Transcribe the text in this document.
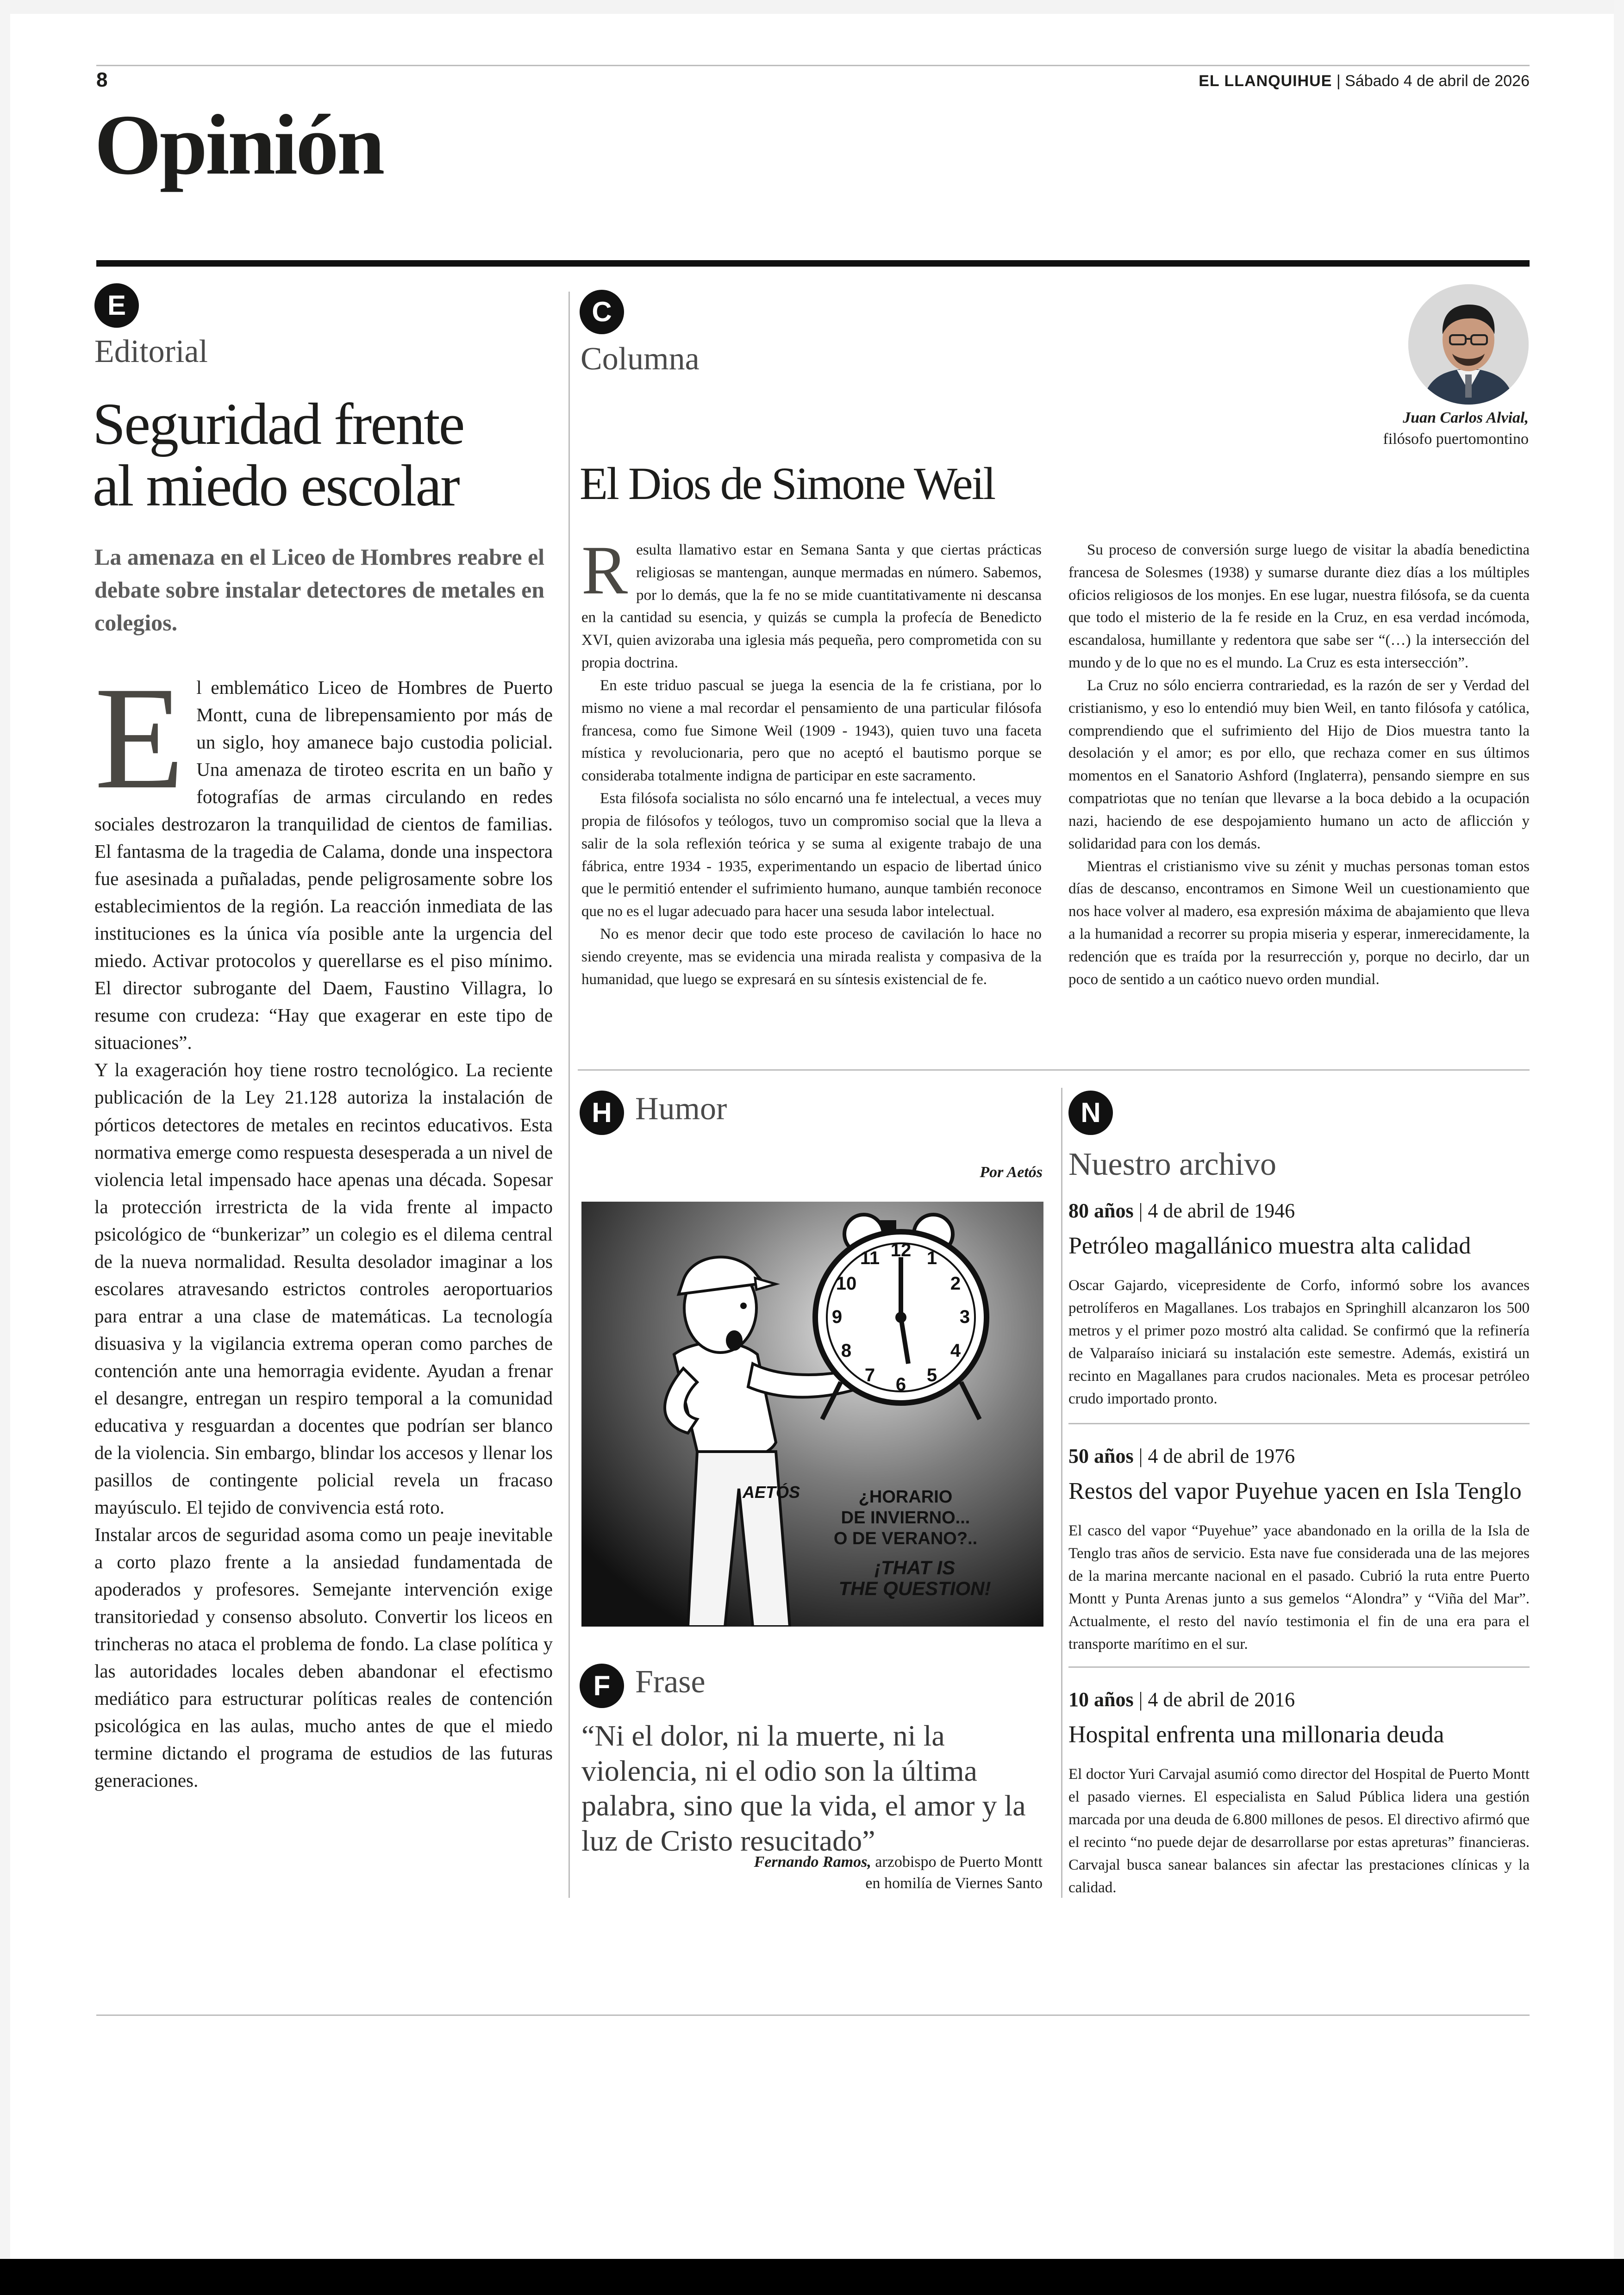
8	EL LLANQUIHUE | Sábado 4 de abril de 2026
Opinión
E
Editorial
Seguridad frente
al miedo escolar
La amenaza en el Liceo de Hombres reabre el debate sobre instalar detectores de metales en colegios.

El emblemático Liceo de Hombres de Puerto Montt, cuna de librepensamiento por más de un siglo, hoy amanece bajo custodia policial. Una amenaza de tiroteo escrita en un baño y fotografías de armas circulando en redes sociales destrozaron la tranquilidad de cientos de familias. El fantasma de la tragedia de Calama, donde una inspectora fue asesinada a puñaladas, pende peligrosamente sobre los establecimientos de la región. La reacción inmediata de las instituciones es la única vía posible ante la urgencia del miedo. Activar protocolos y querellarse es el piso mínimo. El director subrogante del Daem, Faustino Villagra, lo resume con crudeza: “Hay que exagerar en este tipo de situaciones”.

Y la exageración hoy tiene rostro tecnológico. La reciente publicación de la Ley 21.128 autoriza la instalación de pórticos detectores de metales en recintos educativos. Esta normativa emerge como respuesta desesperada a un nivel de violencia letal impensado hace apenas una década. Sopesar la protección irrestricta de la vida frente al impacto psicológico de “bunkerizar” un colegio es el dilema central de la nueva normalidad. Resulta desolador imaginar a los escolares atravesando estrictos controles aeroportuarios para entrar a una clase de matemáticas. La tecnología disuasiva y la vigilancia extrema operan como parches de contención ante una hemorragia evidente. Ayudan a frenar el desangre, entregan un respiro temporal a la comunidad educativa y resguardan a docentes que podrían ser blanco de la violencia. Sin embargo, blindar los accesos y llenar los pasillos de contingente policial revela un fracaso mayúsculo. El tejido de convivencia está roto.

Instalar arcos de seguridad asoma como un peaje inevitable a corto plazo frente a la ansiedad fundamentada de apoderados y profesores. Semejante intervención exige transitoriedad y consenso absoluto. Convertir los liceos en trincheras no ataca el problema de fondo. La clase política y las autoridades locales deben abandonar el efectismo mediático para estructurar políticas reales de contención psicológica en las aulas, mucho antes de que el miedo termine dictando el programa de estudios de las futuras generaciones.

C
Columna
El Dios de Simone Weil
Juan Carlos Alvial,
filósofo puertomontino

Resulta llamativo estar en Semana Santa y que ciertas prácticas religiosas se mantengan, aunque mermadas en número. Sabemos, por lo demás, que la fe no se mide cuantitativamente ni descansa en la cantidad su esencia, y quizás se cumpla la profecía de Benedicto XVI, quien avizoraba una iglesia más pequeña, pero comprometida con su propia doctrina.

En este triduo pascual se juega la esencia de la fe cristiana, por lo mismo no viene a mal recordar el pensamiento de una particular filósofa francesa, como fue Simone Weil (1909 - 1943), quien tuvo una faceta mística y revolucionaria, pero que no aceptó el bautismo porque se consideraba totalmente indigna de participar en este sacramento.

Esta filósofa socialista no sólo encarnó una fe intelectual, a veces muy propia de filósofos y teólogos, tuvo un compromiso social que la lleva a salir de la sola reflexión teórica y se suma al exigente trabajo de una fábrica, entre 1934 - 1935, experimentando un espacio de libertad único que le permitió entender el sufrimiento humano, aunque también reconoce que no es el lugar adecuado para hacer una sesuda labor intelectual.

No es menor decir que todo este proceso de cavilación lo hace no siendo creyente, mas se evidencia una mirada realista y compasiva de la humanidad, que luego se expresará en su síntesis existencial de fe.

Su proceso de conversión surge luego de visitar la abadía benedictina francesa de Solesmes (1938) y sumarse durante diez días a los múltiples oficios religiosos de los monjes. En ese lugar, nuestra filósofa, se da cuenta que todo el misterio de la fe reside en la Cruz, en esa verdad incómoda, escandalosa, humillante y redentora que sabe ser “(…) la intersección del mundo y de lo que no es el mundo. La Cruz es esta intersección”.

La Cruz no sólo encierra contrariedad, es la razón de ser y Verdad del cristianismo, y eso lo entendió muy bien Weil, en tanto filósofa y católica, comprendiendo que el sufrimiento del Hijo de Dios muestra tanto la desolación y el amor; es por ello, que rechaza comer en sus últimos momentos en el Sanatorio Ashford (Inglaterra), pensando siempre en sus compatriotas que no tenían que llevarse a la boca debido a la ocupación nazi, haciendo de ese despojamiento humano un acto de aflicción y solidaridad para con los demás.

Mientras el cristianismo vive su zénit y muchas personas toman estos días de descanso, encontramos en Simone Weil un cuestionamiento que nos hace volver al madero, esa expresión máxima de abajamiento que lleva a la humanidad a recorrer su propia miseria y esperar, inmerecidamente, la redención que es traída por la resurrección y, porque no decirlo, dar un poco de sentido a un caótico nuevo orden mundial.

H Humor
Por Aetós
12 1
2
3
4
5
6
7
8
9
10
11
AETÓS	¿HORARIO
DE INVIERNO...
O DE VERANO?..
¡THAT IS
THE QUESTION!
F Frase
“Ni el dolor, ni la muerte, ni la violencia, ni el odio son la última palabra, sino que la vida, el amor y la luz de Cristo resucitado”
Fernando Ramos, arzobispo de Puerto Montt
en homilía de Viernes Santo
N
Nuestro archivo
80 años | 4 de abril de 1946
Petróleo magallánico muestra alta calidad
Oscar Gajardo, vicepresidente de Corfo, informó sobre los avances petrolíferos en Magallanes. Los trabajos en Springhill alcanzaron los 500 metros y el primer pozo mostró alta calidad. Se confirmó que la refinería de Valparaíso iniciará su instalación este semestre. Además, existirá un recinto en Magallanes para crudos nacionales. Meta es procesar petróleo crudo importado pronto.
50 años | 4 de abril de 1976
Restos del vapor Puyehue yacen en Isla Tenglo
El casco del vapor “Puyehue” yace abandonado en la orilla de la Isla de Tenglo tras años de servicio. Esta nave fue considerada una de las mejores de la marina mercante nacional en el pasado. Cubrió la ruta entre Puerto Montt y Punta Arenas junto a sus gemelos “Alondra” y “Viña del Mar”. Actualmente, el resto del navío testimonia el fin de una era para el transporte marítimo en el sur.
10 años | 4 de abril de 2016
Hospital enfrenta una millonaria deuda
El doctor Yuri Carvajal asumió como director del Hospital de Puerto Montt el pasado viernes. El especialista en Salud Pública lidera una gestión marcada por una deuda de 6.800 millones de pesos. El directivo afirmó que el recinto “no puede dejar de desarrollarse por estas apreturas” financieras. Carvajal busca sanear balances sin afectar las prestaciones clínicas y la calidad.
